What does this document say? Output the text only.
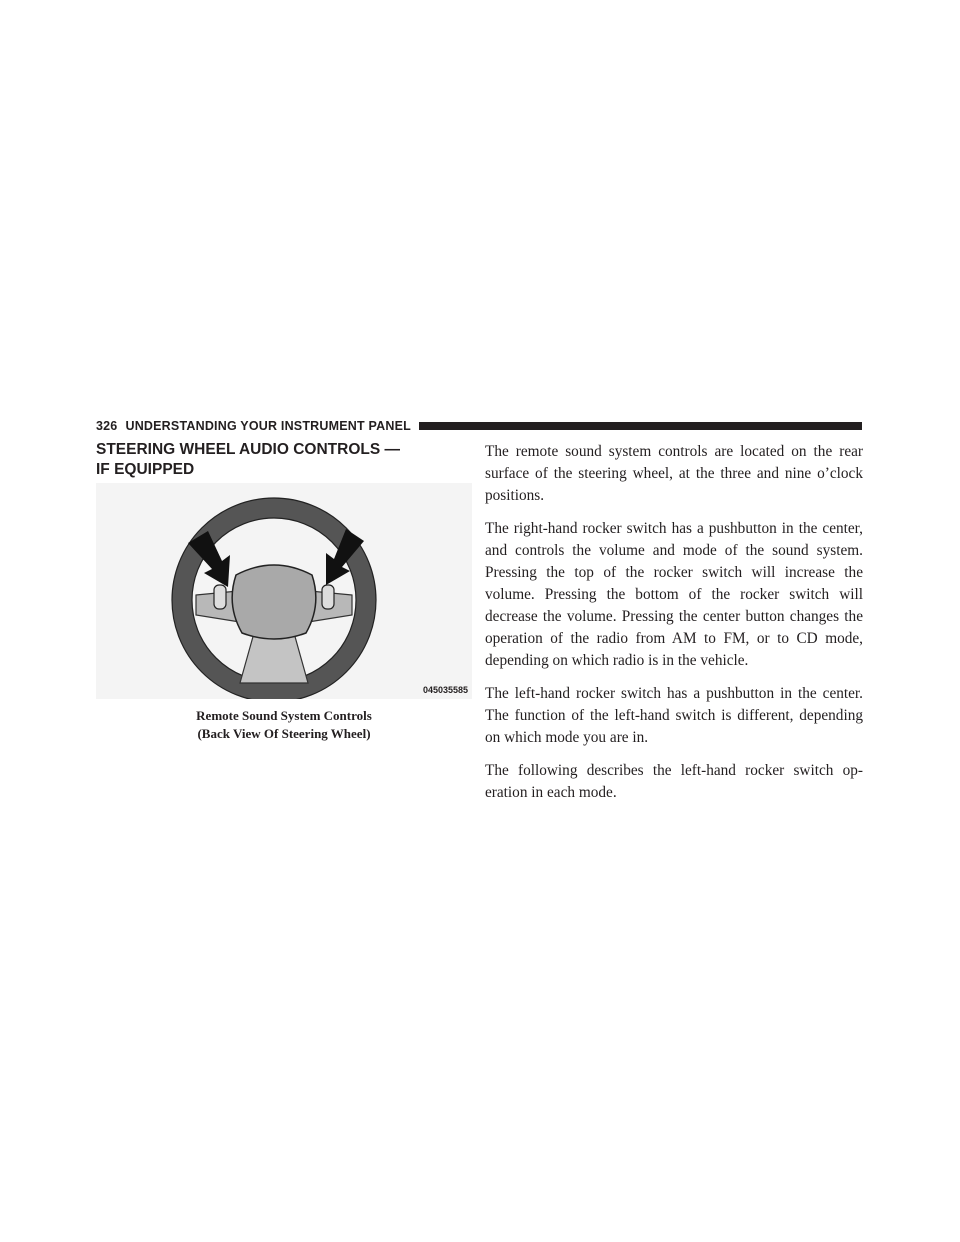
326 UNDERSTANDING YOUR INSTRUMENT PANEL
STEERING WHEEL AUDIO CONTROLS —
IF EQUIPPED
045035585
Remote Sound System Controls
(Back View Of Steering Wheel)

The remote sound system controls are located on the rear surface of the steering wheel, at the three and nine o’clock positions.

The right-hand rocker switch has a pushbutton in the center, and controls the volume and mode of the sound system. Pressing the top of the rocker switch will increase the volume. Pressing the bottom of the rocker switch will decrease the volume. Pressing the center button changes the operation of the radio from AM to FM, or to CD mode, depending on which radio is in the vehicle.

The left-hand rocker switch has a pushbutton in the center. The function of the left-hand switch is different, depending on which mode you are in.

The following describes the left-hand rocker switch op- eration in each mode.
